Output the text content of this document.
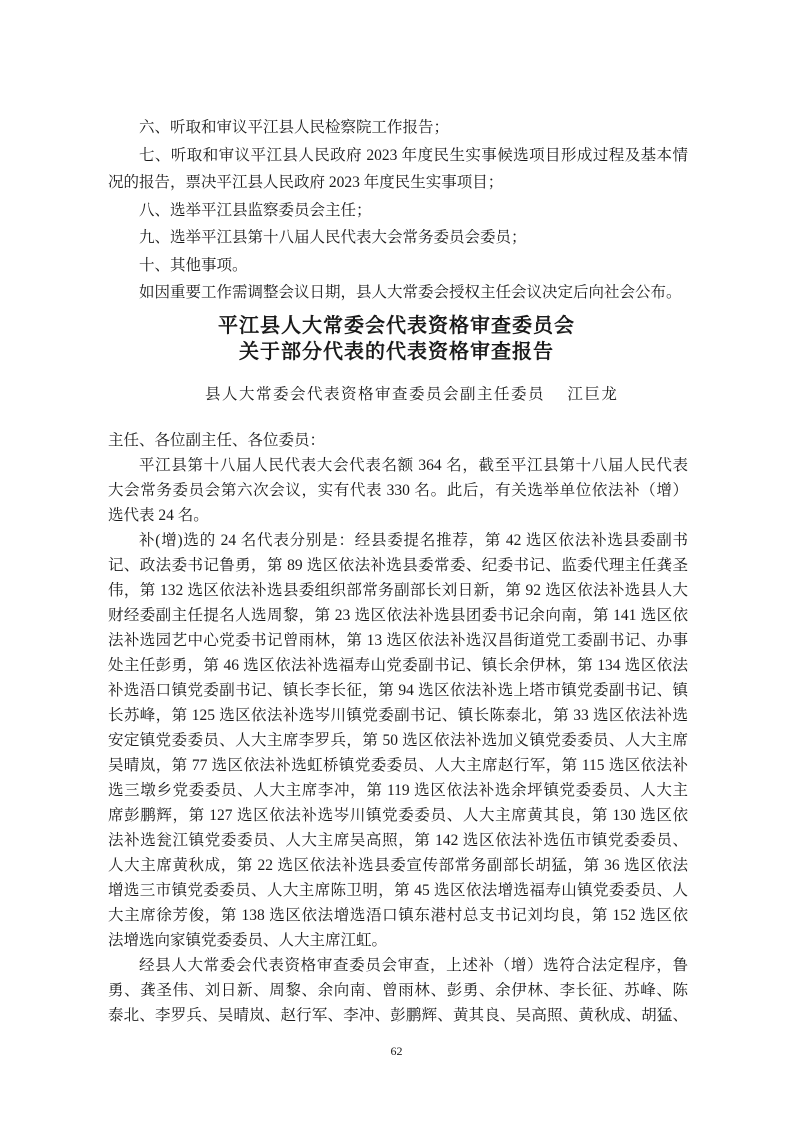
六、听取和审议平江县人民检察院工作报告；
七、听取和审议平江县人民政府 2023 年度民生实事候选项目形成过程及基本情
况的报告，票决平江县人民政府 2023 年度民生实事项目；
八、选举平江县监察委员会主任；
九、选举平江县第十八届人民代表大会常务委员会委员；
十、其他事项。
如因重要工作需调整会议日期，县人大常委会授权主任会议决定后向社会公布。
平江县人大常委会代表资格审查委员会
关于部分代表的代表资格审查报告
县人大常委会代表资格审查委员会副主任委员　 江巨龙
主任、各位副主任、各位委员：
平江县第十八届人民代表大会代表名额 364 名，截至平江县第十八届人民代表
大会常务委员会第六次会议，实有代表 330 名。此后，有关选举单位依法补（增）
选代表 24 名。
补(增)选的 24 名代表分别是：经县委提名推荐，第 42 选区依法补选县委副书
记、政法委书记鲁勇，第 89 选区依法补选县委常委、纪委书记、监委代理主任龚圣
伟，第 132 选区依法补选县委组织部常务副部长刘日新，第 92 选区依法补选县人大
财经委副主任提名人选周黎，第 23 选区依法补选县团委书记余向南，第 141 选区依
法补选园艺中心党委书记曾雨林，第 13 选区依法补选汉昌街道党工委副书记、办事
处主任彭勇，第 46 选区依法补选福寿山党委副书记、镇长余伊林，第 134 选区依法
补选浯口镇党委副书记、镇长李长征，第 94 选区依法补选上塔市镇党委副书记、镇
长苏峰，第 125 选区依法补选岑川镇党委副书记、镇长陈泰北，第 33 选区依法补选
安定镇党委委员、人大主席李罗兵，第 50 选区依法补选加义镇党委委员、人大主席
吴晴岚，第 77 选区依法补选虹桥镇党委委员、人大主席赵行军，第 115 选区依法补
选三墩乡党委委员、人大主席李冲，第 119 选区依法补选余坪镇党委委员、人大主
席彭鹏辉，第 127 选区依法补选岑川镇党委委员、人大主席黄其良，第 130 选区依
法补选瓮江镇党委委员、人大主席吴高照，第 142 选区依法补选伍市镇党委委员、
人大主席黄秋成，第 22 选区依法补选县委宣传部常务副部长胡猛，第 36 选区依法
增选三市镇党委委员、人大主席陈卫明，第 45 选区依法增选福寿山镇党委委员、人
大主席徐芳俊，第 138 选区依法增选浯口镇东港村总支书记刘均良，第 152 选区依
法增选向家镇党委委员、人大主席江虹。
经县人大常委会代表资格审查委员会审查，上述补（增）选符合法定程序，鲁
勇、龚圣伟、刘日新、周黎、余向南、曾雨林、彭勇、余伊林、李长征、苏峰、陈
泰北、李罗兵、吴晴岚、赵行军、李冲、彭鹏辉、黄其良、吴高照、黄秋成、胡猛、
62
